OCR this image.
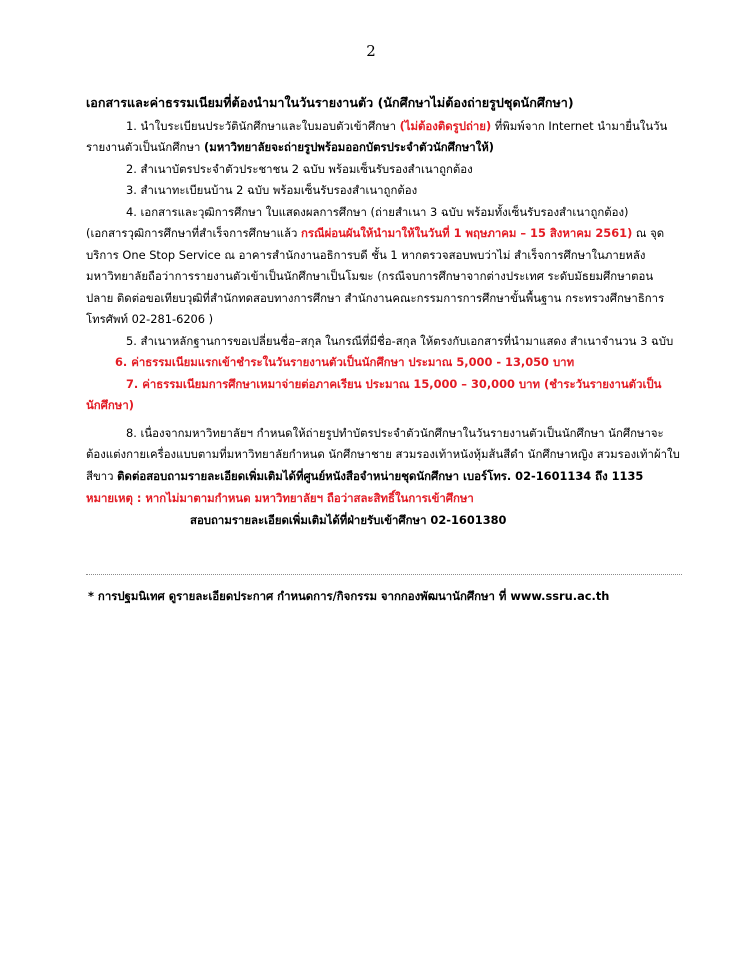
2

เอกสารและค่าธรรมเนียมที่ต้องนำมาในวันรายงานตัว (นักศึกษาไม่ต้องถ่ายรูปชุดนักศึกษา)

1. นำใบระเบียนประวัตินักศึกษาและใบมอบตัวเข้าศึกษา (ไม่ต้องติดรูปถ่าย) ที่พิมพ์จาก Internet นำมายื่นในวันรายงานตัวเป็นนักศึกษา (มหาวิทยาลัยจะถ่ายรูปพร้อมออกบัตรประจำตัวนักศึกษาให้)

2. สำเนาบัตรประจำตัวประชาชน 2 ฉบับ พร้อมเซ็นรับรองสำเนาถูกต้อง

3. สำเนาทะเบียนบ้าน 2 ฉบับ พร้อมเซ็นรับรองสำเนาถูกต้อง

4. เอกสารและวุฒิการศึกษา ใบแสดงผลการศึกษา (ถ่ายสำเนา 3 ฉบับ พร้อมทั้งเซ็นรับรองสำเนาถูกต้อง)

(เอกสารวุฒิการศึกษาที่สำเร็จการศึกษาแล้ว กรณีผ่อนผันให้นำมาให้ในวันที่ 1 พฤษภาคม – 15 สิงหาคม 2561) ณ จุดบริการ One Stop Service ณ อาคารสำนักงานอธิการบดี ชั้น 1 หากตรวจสอบพบว่าไม่ สำเร็จการศึกษาในภายหลัง มหาวิทยาลัยถือว่าการรายงานตัวเข้าเป็นนักศึกษาเป็นโมฆะ (กรณีจบการศึกษาจากต่างประเทศ ระดับมัธยมศึกษาตอนปลาย ติดต่อขอเทียบวุฒิที่สำนักทดสอบทางการศึกษา สำนักงานคณะกรรมการการศึกษาขั้นพื้นฐาน กระทรวงศึกษาธิการ โทรศัพท์ 02-281-6206 )

5. สำเนาหลักฐานการขอเปลี่ยนชื่อ–สกุล ในกรณีที่มีชื่อ-สกุล ให้ตรงกับเอกสารที่นำมาแสดง สำเนาจำนวน 3 ฉบับ

6. ค่าธรรมเนียมแรกเข้าชำระในวันรายงานตัวเป็นนักศึกษา ประมาณ 5,000 - 13,050 บาท

7. ค่าธรรมเนียมการศึกษาเหมาจ่ายต่อภาคเรียน ประมาณ 15,000 – 30,000 บาท (ชำระวันรายงานตัวเป็นนักศึกษา)

8. เนื่องจากมหาวิทยาลัยฯ กำหนดให้ถ่ายรูปทำบัตรประจำตัวนักศึกษาในวันรายงานตัวเป็นนักศึกษา นักศึกษาจะต้องแต่งกายเครื่องแบบตามที่มหาวิทยาลัยกำหนด นักศึกษาชาย สวมรองเท้าหนังหุ้มส้นสีดำ นักศึกษาหญิง สวมรองเท้าผ้าใบสีขาว ติดต่อสอบถามรายละเอียดเพิ่มเติมได้ที่ศูนย์หนังสือจำหน่ายชุดนักศึกษา เบอร์โทร. 02-1601134 ถึง 1135

หมายเหตุ : หากไม่มาตามกำหนด มหาวิทยาลัยฯ ถือว่าสละสิทธิ์ในการเข้าศึกษา

สอบถามรายละเอียดเพิ่มเติมได้ที่ฝ่ายรับเข้าศึกษา 02-1601380

* การปฐมนิเทศ ดูรายละเอียดประกาศ กำหนดการ/กิจกรรม จากกองพัฒนานักศึกษา ที่ www.ssru.ac.th
